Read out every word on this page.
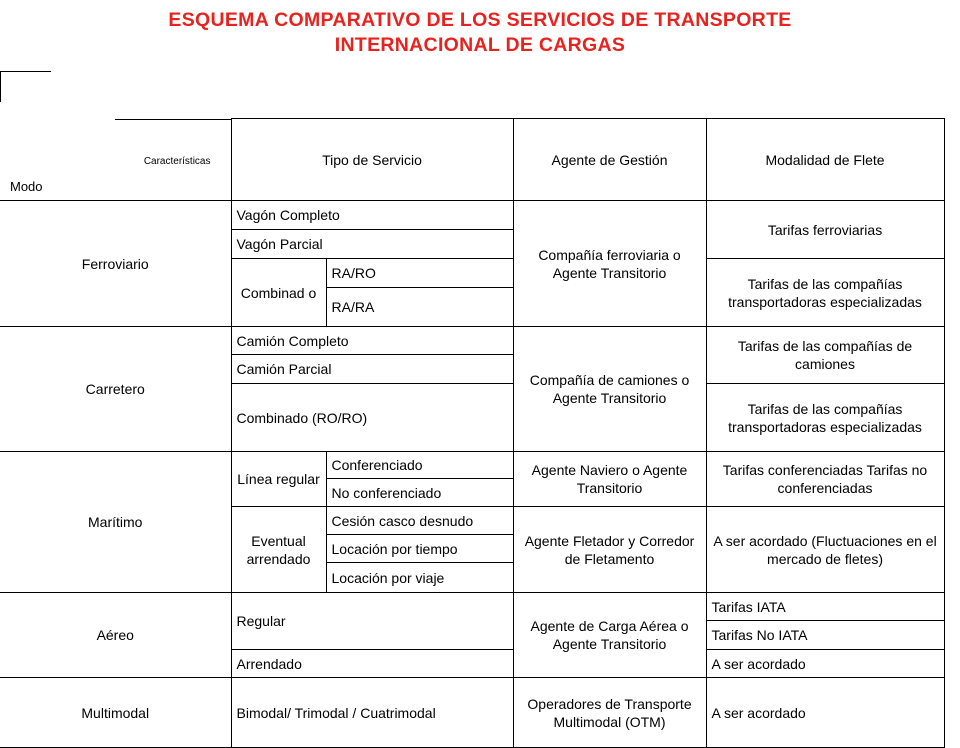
ESQUEMA COMPARATIVO DE LOS SERVICIOS DE TRANSPORTE
INTERNACIONAL DE CARGAS
Características
Modo	Tipo de Servicio		Agente de Gestión	Modalidad de Flete
Ferroviario	Vagón Completo		Compañía ferroviaria o Agente Transitorio	Tarifas ferroviarias
	Vagón Parcial			
	Combinad o	RA/RO		Tarifas de las compañías transportadoras especializadas
		RA/RA		
Carretero	Camión Completo		Compañía de camiones o Agente Transitorio	Tarifas de las compañías de camiones
	Camión Parcial			
	Combinado (RO/RO)			Tarifas de las compañías transportadoras especializadas
Marítimo	Línea regular	Conferenciado	Agente Naviero o Agente Transitorio	Tarifas conferenciadas Tarifas no conferenciadas
		No conferenciado		
	Eventual arrendado	Cesión casco desnudo	Agente Fletador y Corredor de Fletamento	A ser acordado (Fluctuaciones en el mercado de fletes)
		Locación por tiempo		
		Locación por viaje		
Aéreo	Regular		Agente de Carga Aérea o Agente Transitorio	Tarifas IATA
				Tarifas No IATA
	Arrendado			A ser acordado
Multimodal	Bimodal/ Trimodal / Cuatrimodal		Operadores de Transporte Multimodal (OTM)	A ser acordado
